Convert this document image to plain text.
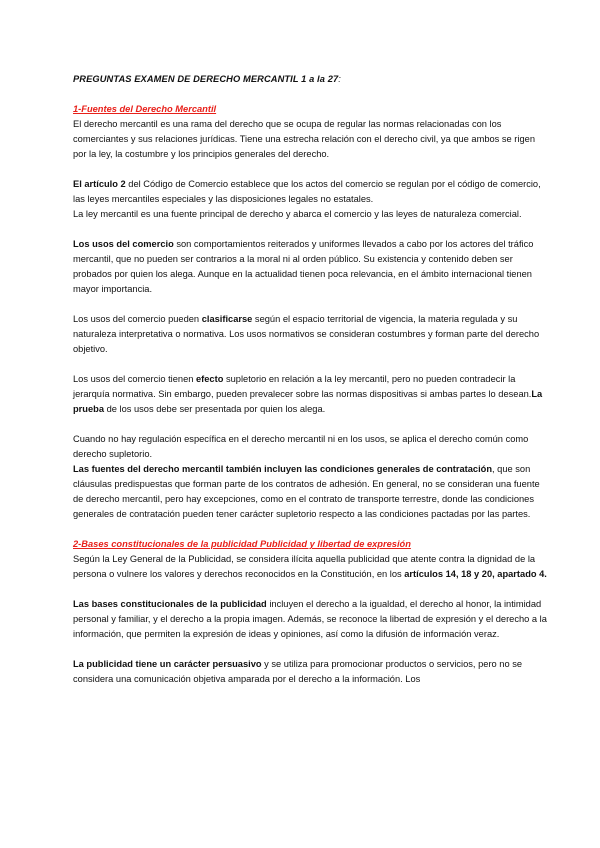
PREGUNTAS EXAMEN DE DERECHO MERCANTIL 1 a la 27:
1-Fuentes del Derecho Mercantil

El derecho mercantil es una rama del derecho que se ocupa de regular las normas relacionadas con los comerciantes y sus relaciones jurídicas. Tiene una estrecha relación con el derecho civil, ya que ambos se rigen por la ley, la costumbre y los principios generales del derecho.

El artículo 2 del Código de Comercio establece que los actos del comercio se regulan por el código de comercio, las leyes mercantiles especiales y las disposiciones legales no estatales.

La ley mercantil es una fuente principal de derecho y abarca el comercio y las leyes de naturaleza comercial.

Los usos del comercio son comportamientos reiterados y uniformes llevados a cabo por los actores del tráfico mercantil, que no pueden ser contrarios a la moral ni al orden público. Su existencia y contenido deben ser probados por quien los alega. Aunque en la actualidad tienen poca relevancia, en el ámbito internacional tienen mayor importancia.

Los usos del comercio pueden clasificarse según el espacio territorial de vigencia, la materia regulada y su naturaleza interpretativa o normativa. Los usos normativos se consideran costumbres y forman parte del derecho objetivo.

Los usos del comercio tienen efecto supletorio en relación a la ley mercantil, pero no pueden contradecir la jerarquía normativa. Sin embargo, pueden prevalecer sobre las normas dispositivas si ambas partes lo desean.La prueba de los usos debe ser presentada por quien los alega.

Cuando no hay regulación específica en el derecho mercantil ni en los usos, se aplica el derecho común como derecho supletorio.

Las fuentes del derecho mercantil también incluyen las condiciones generales de contratación, que son cláusulas predispuestas que forman parte de los contratos de adhesión. En general, no se consideran una fuente de derecho mercantil, pero hay excepciones, como en el contrato de transporte terrestre, donde las condiciones generales de contratación pueden tener carácter supletorio respecto a las condiciones pactadas por las partes.

2-Bases constitucionales de la publicidad Publicidad y libertad de expresión

Según la Ley General de la Publicidad, se considera ilícita aquella publicidad que atente contra la dignidad de la persona o vulnere los valores y derechos reconocidos en la Constitución, en los artículos 14, 18 y 20, apartado 4.

Las bases constitucionales de la publicidad incluyen el derecho a la igualdad, el derecho al honor, la intimidad personal y familiar, y el derecho a la propia imagen. Además, se reconoce la libertad de expresión y el derecho a la información, que permiten la expresión de ideas y opiniones, así como la difusión de información veraz.

La publicidad tiene un carácter persuasivo y se utiliza para promocionar productos o servicios, pero no se considera una comunicación objetiva amparada por el derecho a la información. Los
